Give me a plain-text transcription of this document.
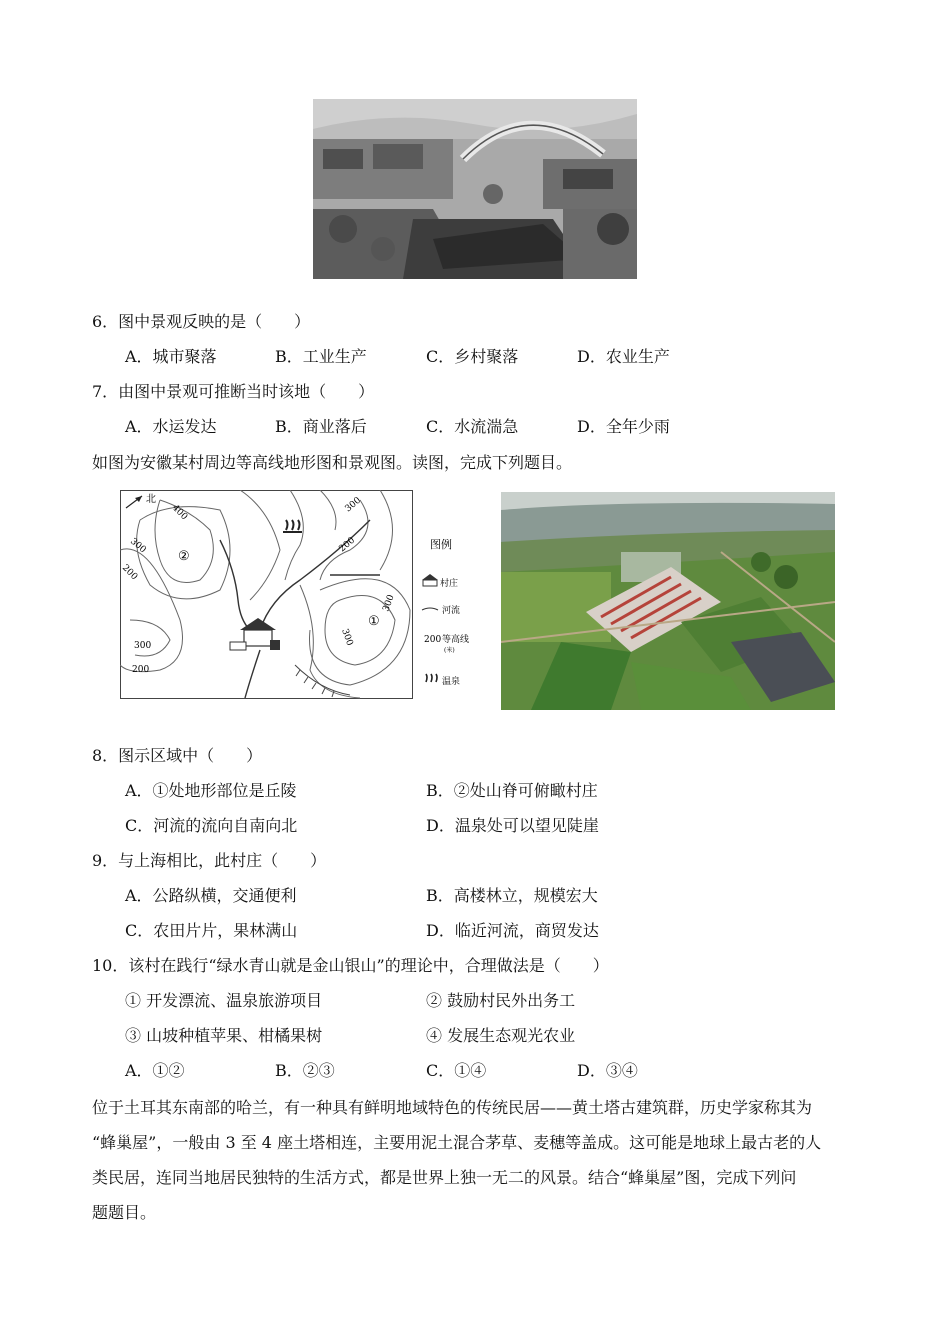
6．图中景观反映的是（　　）
A．城市聚落	B．工业生产	C．乡村聚落	D．农业生产
7．由图中景观可推断当时该地（　　）
A．水运发达	B．商业落后	C．水流湍急	D．全年少雨
如图为安徽某村周边等高线地形图和景观图。读图，完成下列题目。
北
400
300
200
300
200
300
200
300
300
②
①
图例
村庄
河流
200 等高线
(米)
温泉
8．图示区域中（　　）
A．①处地形部位是丘陵	B．②处山脊可俯瞰村庄
C．河流的流向自南向北	D．温泉处可以望见陡崖
9．与上海相比，此村庄（　　）
A．公路纵横，交通便利	B．高楼林立，规模宏大
C．农田片片，果林满山	D．临近河流，商贸发达
10．该村在践行“绿水青山就是金山银山”的理论中，合理做法是（　　）
① 开发漂流、温泉旅游项目	② 鼓励村民外出务工
③ 山坡种植苹果、柑橘果树	④ 发展生态观光农业
A．①②	B．②③	C．①④	D．③④
位于土耳其东南部的哈兰，有一种具有鲜明地域特色的传统民居——黄土塔古建筑群，历史学家称其为
“蜂巢屋”，一般由 3 至 4 座土塔相连，主要用泥土混合茅草、麦穗等盖成。这可能是地球上最古老的人
类民居，连同当地居民独特的生活方式，都是世界上独一无二的风景。结合“蜂巢屋”图，完成下列问
题题目。
